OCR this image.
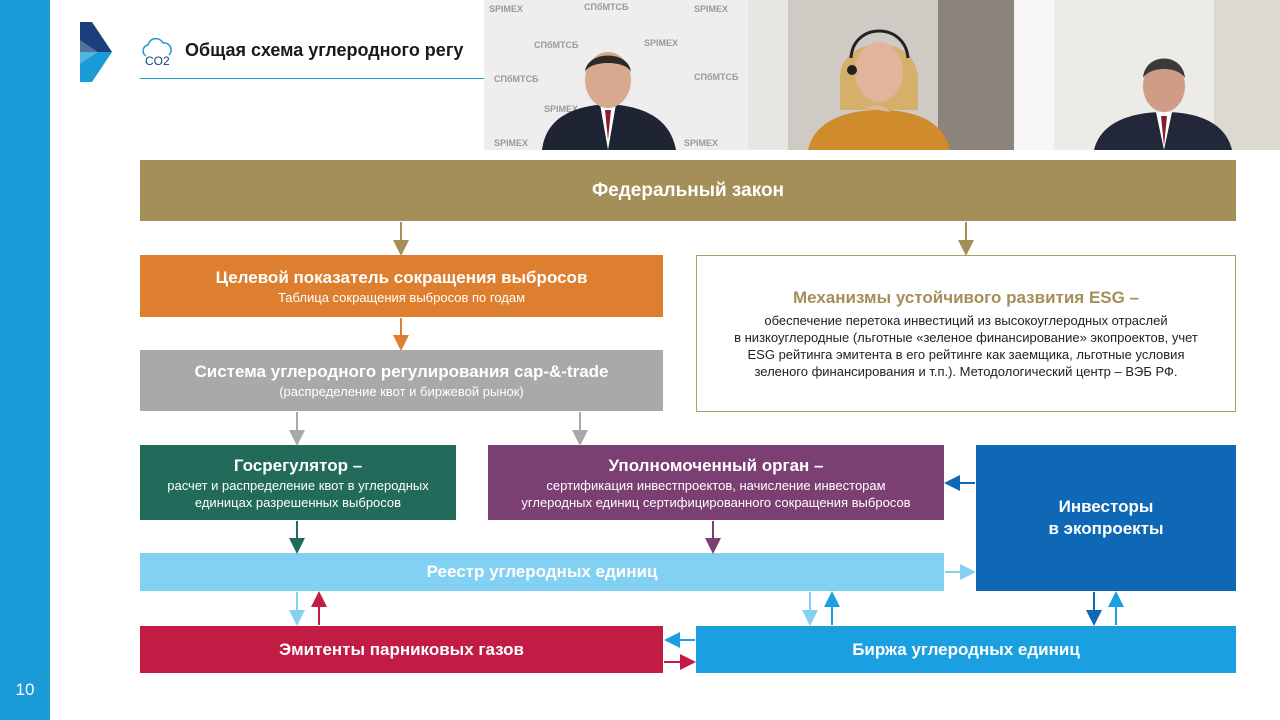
10
CO2
Общая схема углеродного регу
Федеральный закон
Целевой показатель сокращения выбросов
Таблица сокращения выбросов по годам
Система углеродного регулирования cap-&-trade
(распределение квот и биржевой рынок)
Механизмы устойчивого развития ESG –
обеспечение перетока инвестиций из высокоуглеродных отраслей
в низкоуглеродные (льготные «зеленое финансирование» экопроектов, учет
ESG рейтинга эмитента в его рейтинге как заемщика, льготные условия
зеленого финансирования и т.п.). Методологический центр – ВЭБ РФ.
Госрегулятор –
расчет и распределение квот в углеродных
единицах разрешенных выбросов
Уполномоченный орган –
сертификация инвестпроектов, начисление инвесторам
углеродных единиц сертифицированного сокращения выбросов	Инвесторы
в экопроекты
Реестр углеродных единиц
Эмитенты парниковых газов	Биржа углеродных единиц
SPIMEX	СПбМТСБ	SPIMEX
СПбМТСБ	SPIMEX
СПбМТСБ	СПбМТСБ
SPIMEX
SPIMEX	SPIMEX
